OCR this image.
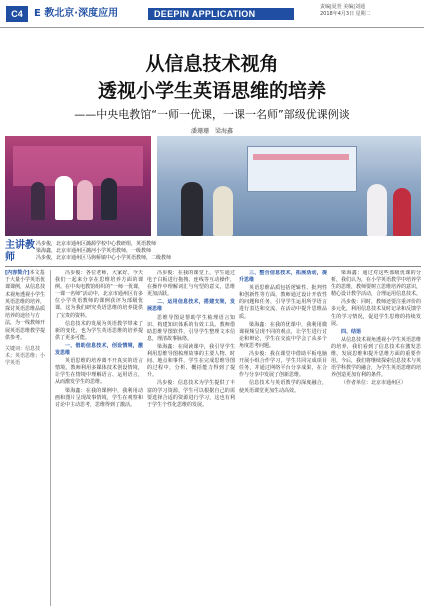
C4	E 教北京·深度应用	DEEPIN APPLICATION
责编|夏萱 美编|刘通
2018年4月3日 星期二
从信息技术视角
透视小学生英语思维的培养
——中央电教馆“一师一优课，一课一名师”部级优课例谈
潘珊珊　梁海鑫
主讲教师
冯步俊，北京市通州区潞源学校中心教研组，英语教师
梁海鑫，北京市通州区潞河小学英语教师，一级教师
冯步俊，北京市通州区马驹桥镇中心小学英语教师，二级教师
[内容简介]本文基于大量小学英语优课课例，从信息技术视角透视小学生英语思维的培养，探讨英语思维品质培养的途径与方法，为一线教师开展英语思维教学提供参考。
关键词：信息技术；英语思维；小学英语

冯步俊：各位老师，大家好。今天我们一起来分享在思维培养方面的课例。在中央电教馆组织的“一师一优课，一课一名师”活动中，北京市通州区有多位小学英语教师的课例获评为部级优课，这为我们研究英语思维的培养提供了宝贵的资料。

信息技术的发展为英语教学带来了新的变化，也为学生英语思维的培养提供了更多可能。

一、借助信息技术，创设情境，激发思维

英语思维的培养离不开真实的语言情境。教师利用多媒体技术创设情境，让学生在情境中理解语言、运用语言，从而激发学生的思维。

梁海鑫：在我的课例中，我利用动画和图片呈现故事情境，学生在观察和讨论中主动思考，思维得到了激活。

冯步俊：在我的课堂上，学生通过电子白板进行拖拽、连线等互动操作，在操作中理解词汇与句型的意义，思维更加活跃。

二、运用信息技术，搭建支架，发展思维

思维导图是帮助学生梳理语言知识、构建知识体系的有效工具。教师借助思维导图软件，引导学生整理文本信息，理清故事脉络。

梁海鑫：在阅读课中，我引导学生利用思维导图梳理故事的主要人物、时间、地点和事件，学生在完成思维导图的过程中，分析、概括能力得到了提升。

冯步俊：信息技术为学生提供了丰富的学习资源，学生可以根据自己的需要选择合适的资源进行学习，这也有利于学生个性化思维的发展。

三、整合信息技术，拓展活动，提升思维

英语思维品质包括逻辑性、批判性和创新性等方面。教师通过设计开放性的问题和任务，引导学生运用所学语言进行表达和交流，在活动中提升思维品质。

梁海鑫：在我的优课中，我利用微课视频呈现不同的观点，让学生进行讨论和辩论，学生在交流中学会了从多个角度思考问题。

冯步俊：我在课堂中借助平板电脑开展小组合作学习，学生共同完成项目任务，并通过网络平台分享成果，在合作与分享中发展了创新思维。

信息技术与英语教学的深度融合，使英语课堂更加生动高效。

梁海鑫：通过对这些部级优课的分析，我们认为，在小学英语教学中培养学生的思维，教师要树立思维培养的意识，精心设计教学活动，合理运用信息技术。

冯步俊：同时，教师还要注重评价的多元化，利用信息技术及时记录和反馈学生的学习情况，促进学生思维的持续发展。

四、结语

从信息技术视角透视小学生英语思维的培养，我们看到了信息技术在激发思维、发展思维和提升思维方面的重要作用。今后，我们将继续探索信息技术与英语学科教学的融合，为学生英语思维的培养创造更加有利的条件。

（作者单位：北京市通州区）
